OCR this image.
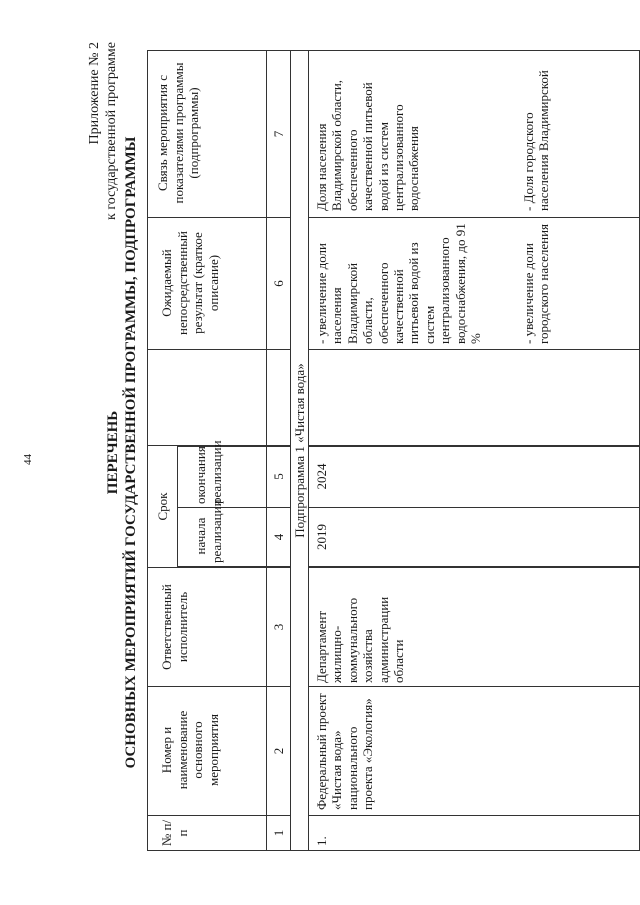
44
Приложение № 2 к государственной программе
ПЕРЕЧЕНЬ ОСНОВНЫХ МЕРОПРИЯТИЙ ГОСУДАРСТВЕННОЙ ПРОГРАММЫ, ПОДПРОГРАММЫ
№ п/п
Номер и наименование основного мероприятия
Ответственный исполнитель
Срок
начала реализации
окончания реализации
Ожидаемый непосредственный результат (краткое описание)
Связь мероприятия с показателями программы (подпрограммы)
1
2
3
4
5
6
7
Подпрограмма 1 «Чистая вода»
1.
Федеральный проект «Чистая вода» национального проекта «Экология»
Департамент жилищно-коммунального хозяйства администрации области
2019
2024
- увеличение доли населения Владимирской области, обеспеченного качественной питьевой водой из систем централизованного водоснабжения, до 91 %	- увеличение доли городского населения
Доля населения Владимирской области, обеспеченного качественной питьевой водой из систем централизованного водоснабжения	- Доля городского населения Владимирской
